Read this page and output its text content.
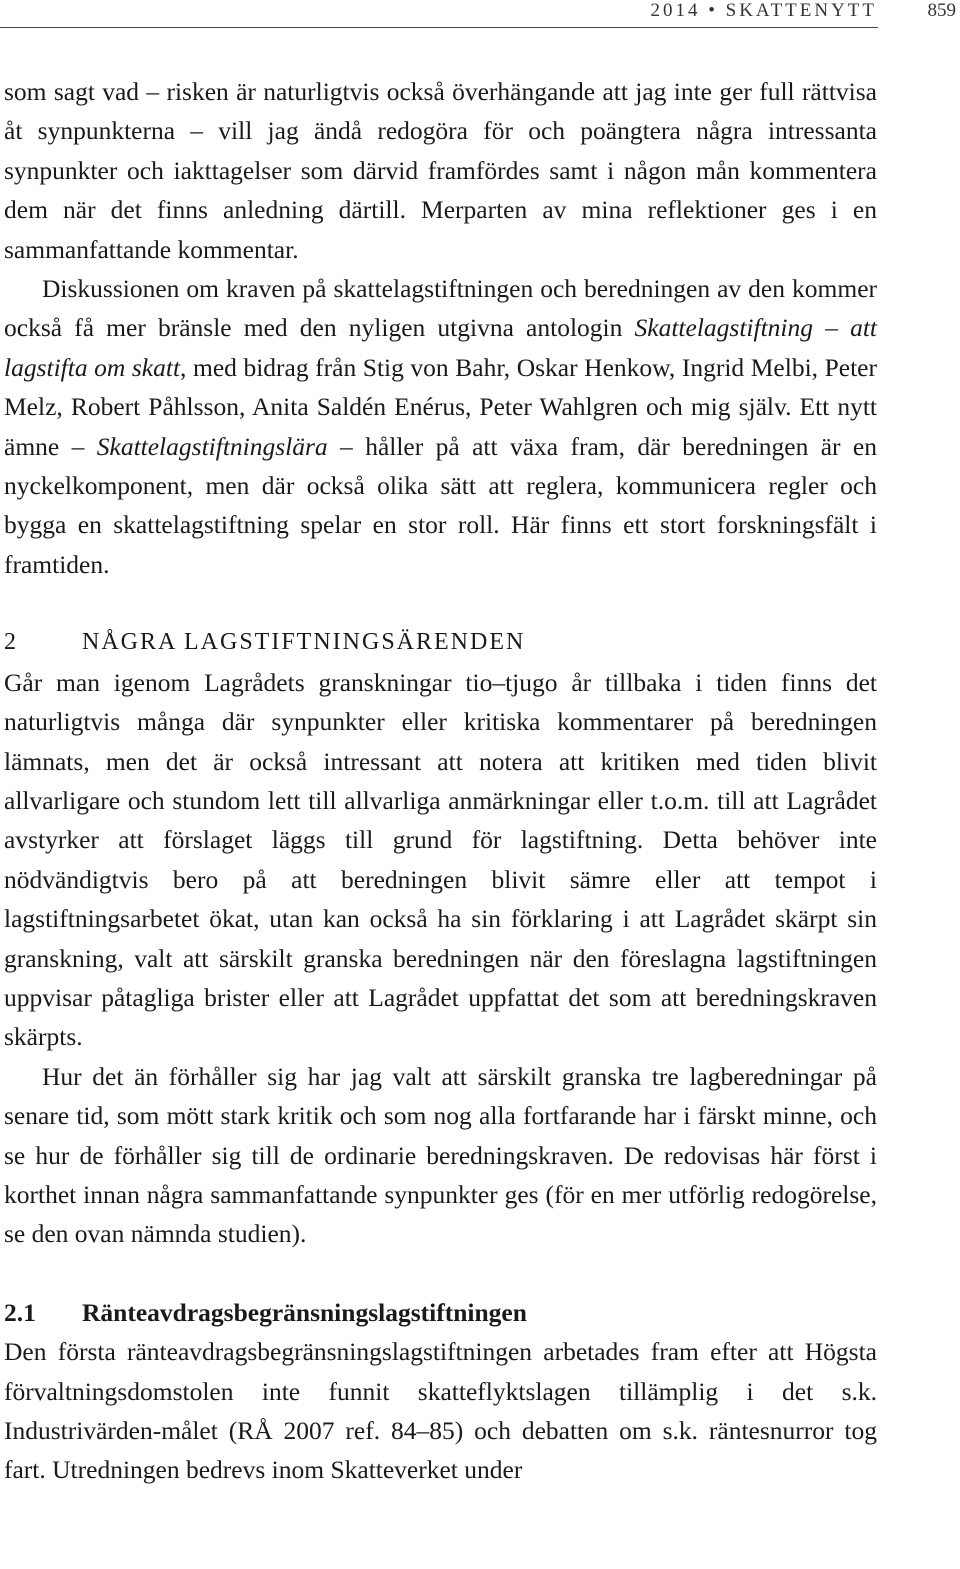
2014 • SKATTENYTT	859

som sagt vad – risken är naturligtvis också överhängande att jag inte ger full rättvisa åt synpunkterna – vill jag ändå redogöra för och poängtera några intressanta synpunkter och iakttagelser som därvid framfördes samt i någon mån kommentera dem när det finns anledning därtill. Merparten av mina reflektioner ges i en sammanfattande kommentar.

Diskussionen om kraven på skattelagstiftningen och beredningen av den kommer också få mer bränsle med den nyligen utgivna antologin Skattelagstiftning – att lagstifta om skatt, med bidrag från Stig von Bahr, Oskar Henkow, Ingrid Melbi, Peter Melz, Robert Påhlsson, Anita Saldén Enérus, Peter Wahlgren och mig själv. Ett nytt ämne – Skattelagstiftningslära – håller på att växa fram, där beredningen är en nyckelkomponent, men där också olika sätt att reglera, kommunicera regler och bygga en skattelagstiftning spelar en stor roll. Här finns ett stort forskningsfält i framtiden.

2	NÅGRA LAGSTIFTNINGSÄRENDEN

Går man igenom Lagrådets granskningar tio–tjugo år tillbaka i tiden finns det naturligtvis många där synpunkter eller kritiska kommentarer på beredningen lämnats, men det är också intressant att notera att kritiken med tiden blivit allvarligare och stundom lett till allvarliga anmärkningar eller t.o.m. till att Lagrådet avstyrker att förslaget läggs till grund för lagstiftning. Detta behöver inte nödvändigtvis bero på att beredningen blivit sämre eller att tempot i lagstiftningsarbetet ökat, utan kan också ha sin förklaring i att Lagrådet skärpt sin granskning, valt att särskilt granska beredningen när den föreslagna lagstiftningen uppvisar påtagliga brister eller att Lagrådet uppfattat det som att beredningskraven skärpts.

Hur det än förhåller sig har jag valt att särskilt granska tre lagberedningar på senare tid, som mött stark kritik och som nog alla fortfarande har i färskt minne, och se hur de förhåller sig till de ordinarie beredningskraven. De redovisas här först i korthet innan några sammanfattande synpunkter ges (för en mer utförlig redogörelse, se den ovan nämnda studien).

2.1 Ränteavdragsbegränsningslagstiftningen

Den första ränteavdragsbegränsningslagstiftningen arbetades fram efter att Högsta förvaltningsdomstolen inte funnit skatteflyktslagen tillämplig i det s.k. Industrivärden-målet (RÅ 2007 ref. 84–85) och debatten om s.k. räntesnurror tog fart. Utredningen bedrevs inom Skatteverket under
